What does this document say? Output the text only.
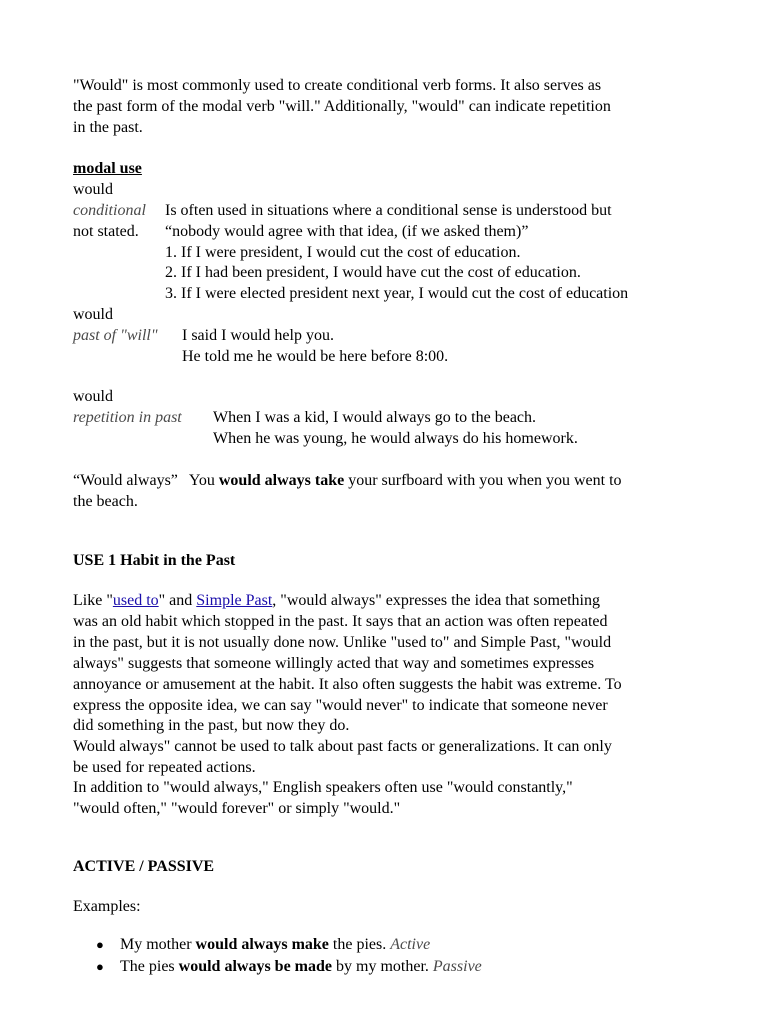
"Would" is most commonly used to create conditional verb forms. It also serves as
the past form of the modal verb "will." Additionally, "would" can indicate repetition
in the past.
modal use
would
conditional Is often used in situations where a conditional sense is understood but
not stated. “nobody would agree with that idea, (if we asked them)”
1. If I were president, I would cut the cost of education.
2. If I had been president, I would have cut the cost of education.
3. If I were elected president next year, I would cut the cost of education
would
past of "will" I said I would help you.
He told me he would be here before 8:00.
would
repetition in past When I was a kid, I would always go to the beach.
When he was young, he would always do his homework.
“Would always” You would always take your surfboard with you when you went to
the beach.
USE 1 Habit in the Past
Like "used to" and Simple Past, "would always" expresses the idea that something
was an old habit which stopped in the past. It says that an action was often repeated
in the past, but it is not usually done now. Unlike "used to" and Simple Past, "would
always" suggests that someone willingly acted that way and sometimes expresses
annoyance or amusement at the habit. It also often suggests the habit was extreme. To
express the opposite idea, we can say "would never" to indicate that someone never
did something in the past, but now they do.
Would always" cannot be used to talk about past facts or generalizations. It can only
be used for repeated actions.
In addition to "would always," English speakers often use "would constantly,"
"would often," "would forever" or simply "would."
ACTIVE / PASSIVE
Examples:
● My mother would always make the pies. Active
● The pies would always be made by my mother. Passive
